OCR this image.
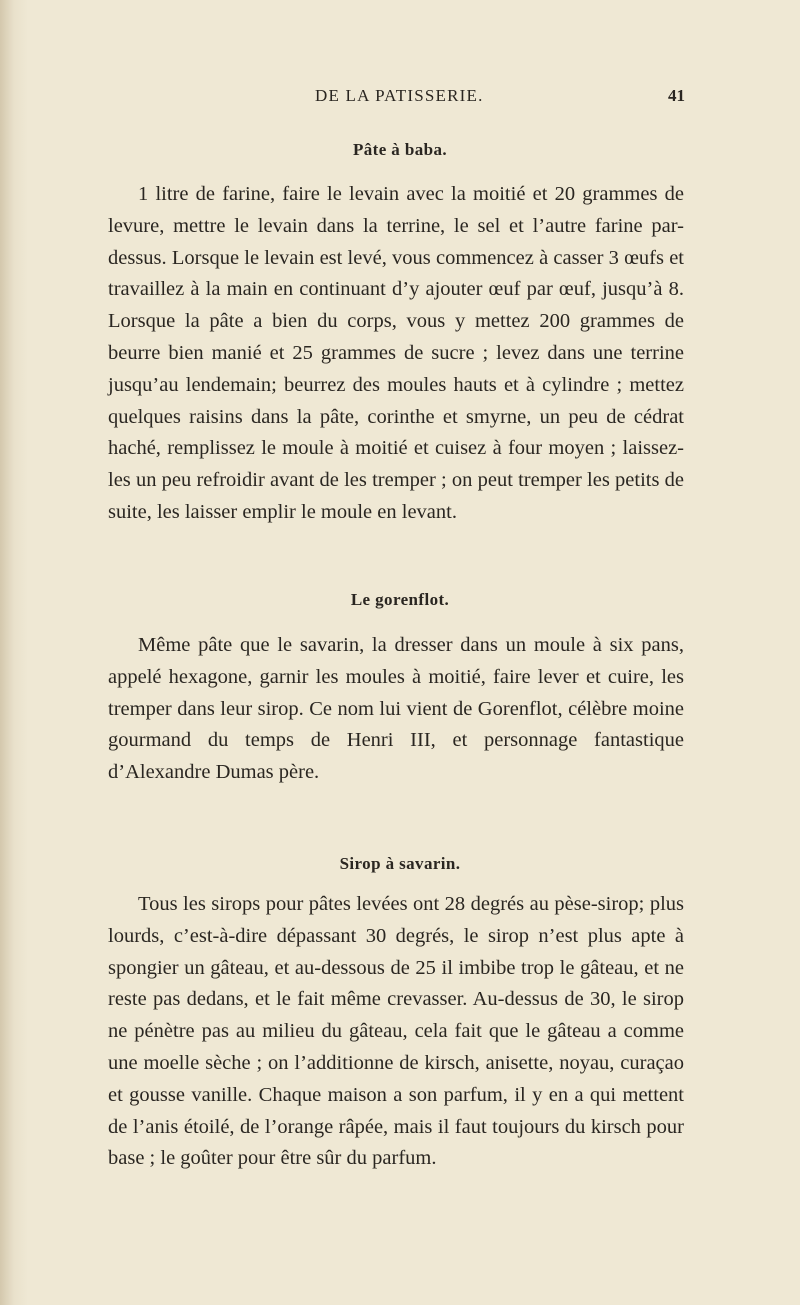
DE LA PATISSERIE.	41
Pâte à baba.

1 litre de farine, faire le levain avec la moitié et 20 grammes de levure, mettre le levain dans la terrine, le sel et l’autre farine par-dessus. Lorsque le levain est levé, vous commencez à casser 3 œufs et travaillez à la main en continuant d’y ajouter œuf par œuf, jusqu’à 8. Lorsque la pâte a bien du corps, vous y mettez 200 grammes de beurre bien manié et 25 grammes de sucre ; levez dans une terrine jusqu’au lendemain; beurrez des moules hauts et à cylindre ; mettez quelques raisins dans la pâte, corinthe et smyrne, un peu de cédrat haché, remplissez le moule à moitié et cuisez à four moyen ; laissez-les un peu refroidir avant de les tremper ; on peut tremper les petits de suite, les laisser emplir le moule en levant.

Le gorenflot.

Même pâte que le savarin, la dresser dans un moule à six pans, appelé hexagone, garnir les moules à moitié, faire lever et cuire, les tremper dans leur sirop. Ce nom lui vient de Gorenflot, célèbre moine gourmand du temps de Henri III, et personnage fantastique d’Alexandre Dumas père.

Sirop à savarin.

Tous les sirops pour pâtes levées ont 28 degrés au pèse-sirop; plus lourds, c’est-à-dire dépassant 30 degrés, le sirop n’est plus apte à spongier un gâteau, et au-dessous de 25 il imbibe trop le gâteau, et ne reste pas dedans, et le fait même crevasser. Au-dessus de 30, le sirop ne pénètre pas au milieu du gâteau, cela fait que le gâteau a comme une moelle sèche ; on l’additionne de kirsch, anisette, noyau, curaçao et gousse vanille. Chaque maison a son parfum, il y en a qui mettent de l’anis étoilé, de l’orange râpée, mais il faut toujours du kirsch pour base ; le goûter pour être sûr du parfum.
